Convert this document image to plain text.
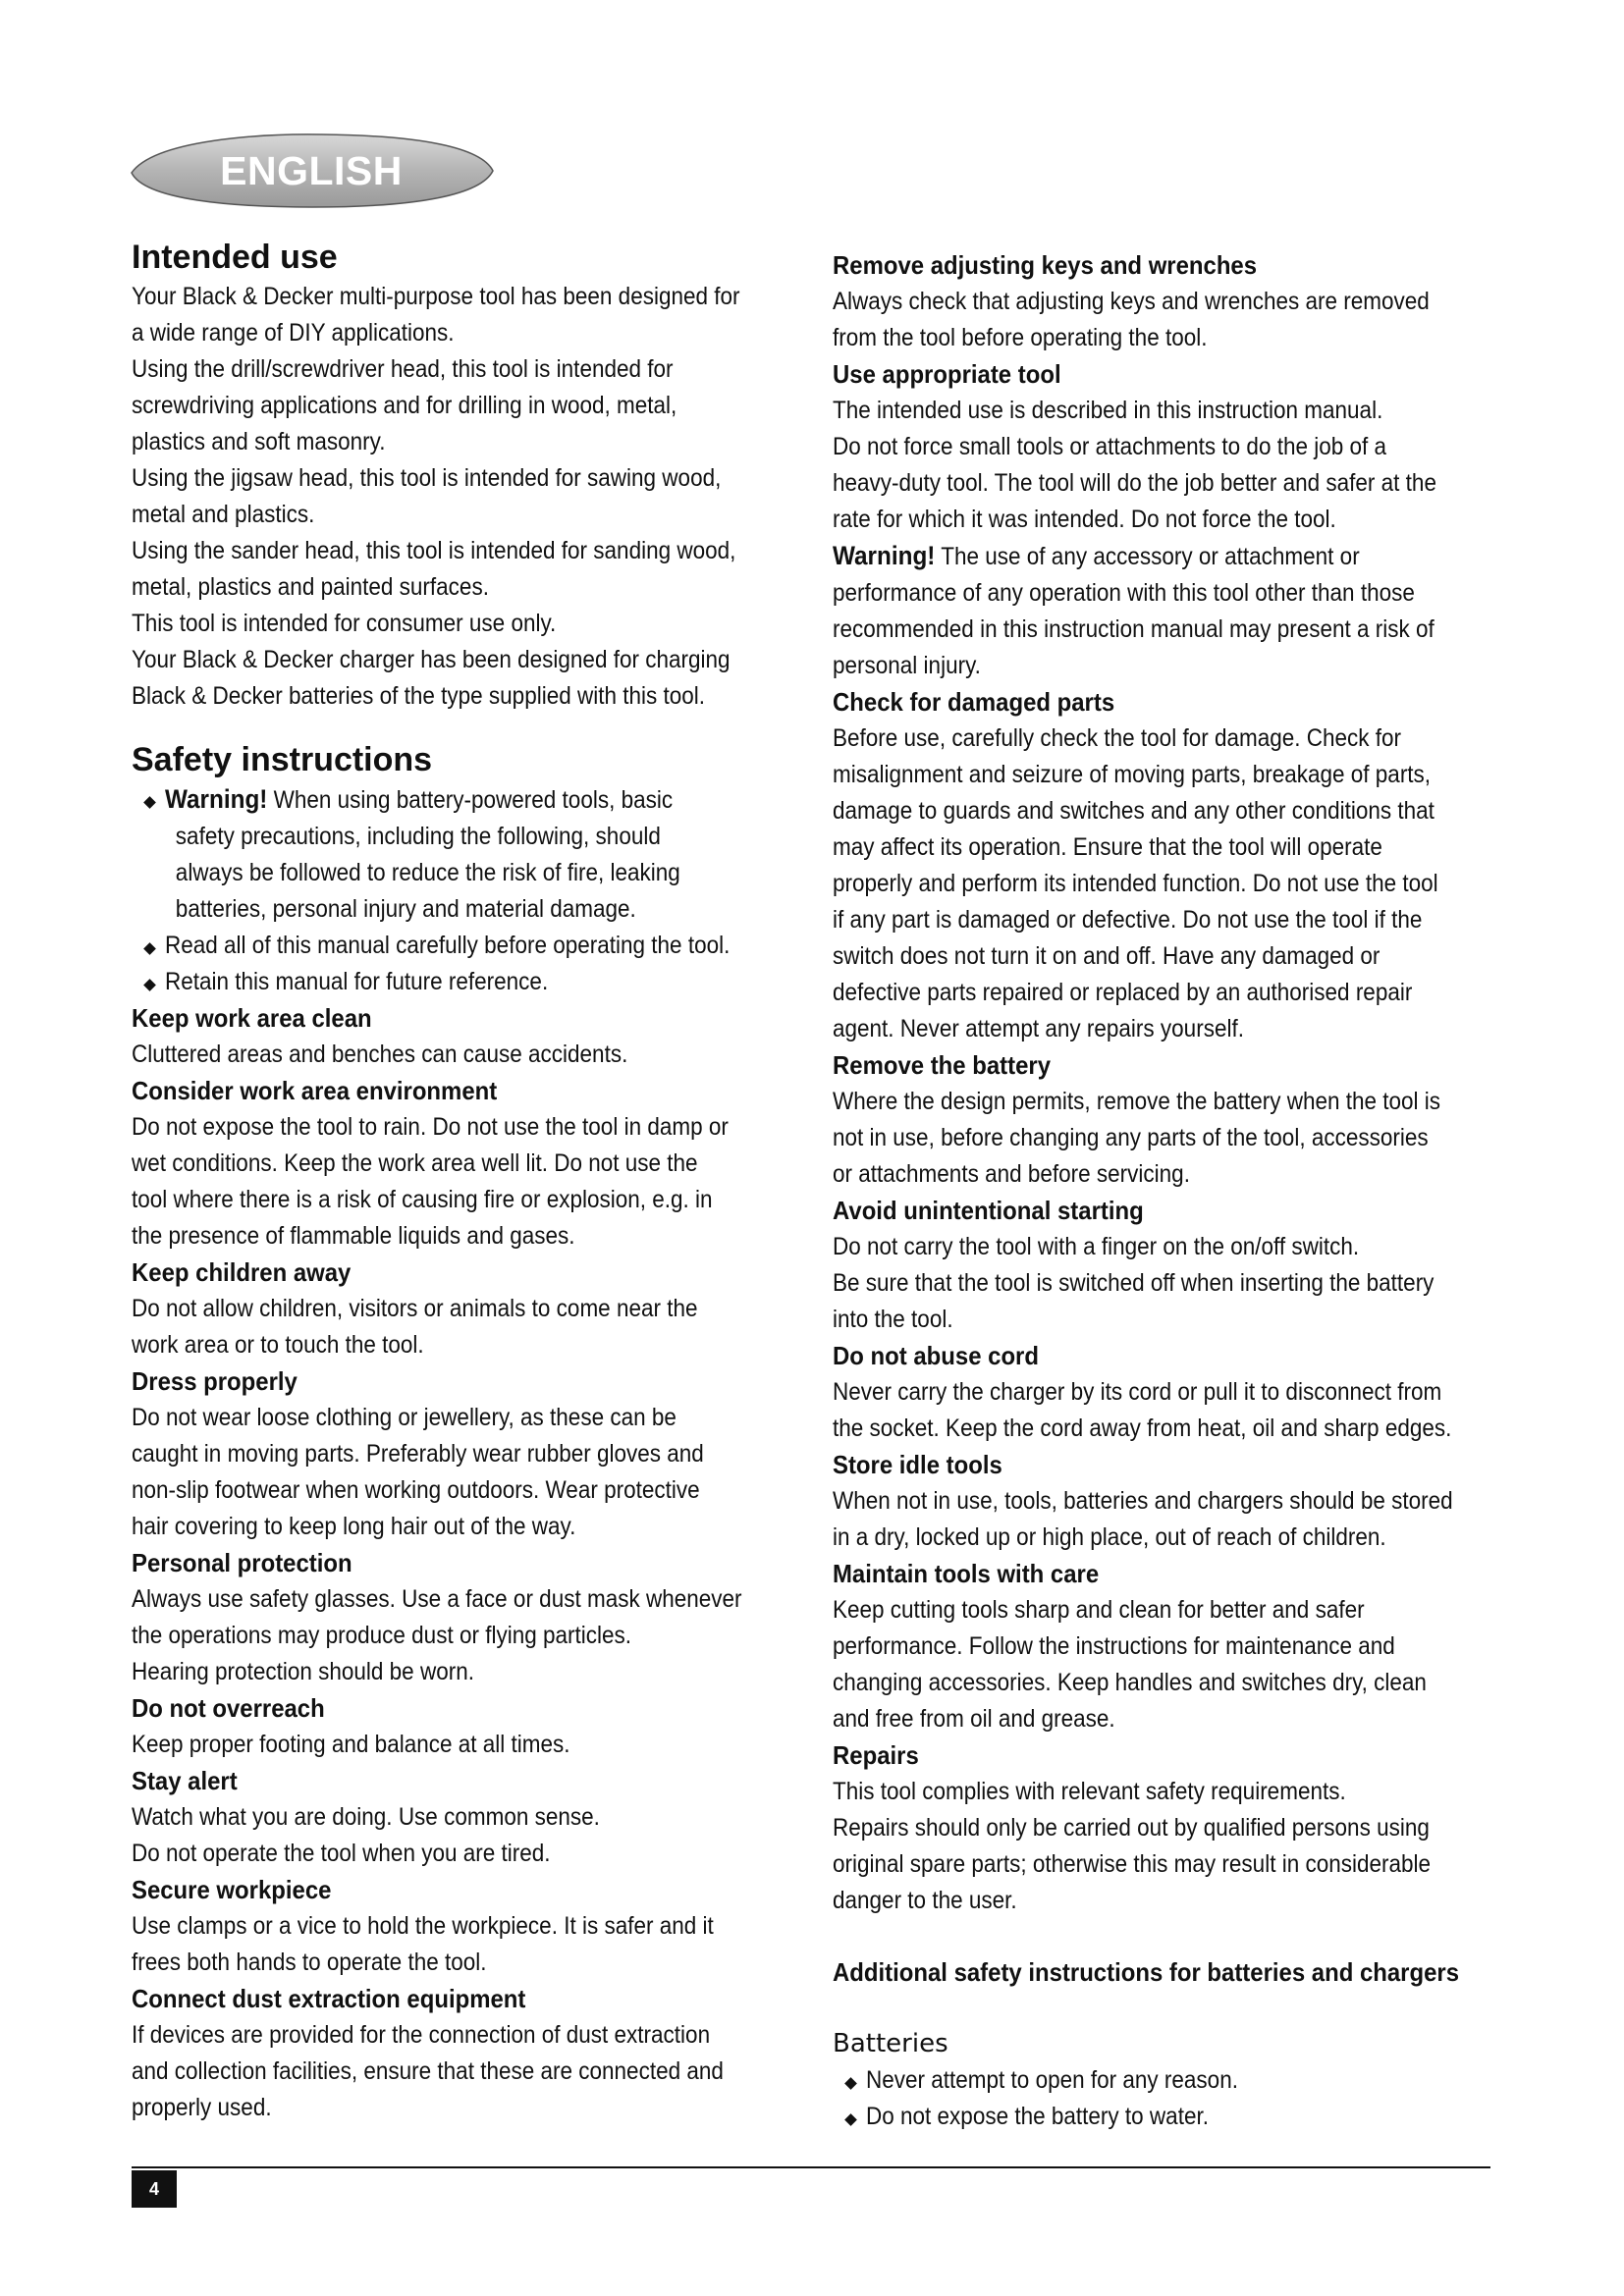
ENGLISH
Intended use
Your Black & Decker multi-purpose tool has been designed for
a wide range of DIY applications.
Using the drill/screwdriver head, this tool is intended for
screwdriving applications and for drilling in wood, metal,
plastics and soft masonry.
Using the jigsaw head, this tool is intended for sawing wood,
metal and plastics.
Using the sander head, this tool is intended for sanding wood,
metal, plastics and painted surfaces.
This tool is intended for consumer use only.
Your Black & Decker charger has been designed for charging
Black & Decker batteries of the type supplied with this tool.
Safety instructions
Warning! When using battery-powered tools, basic
safety precautions, including the following, should
always be followed to reduce the risk of fire, leaking
batteries, personal injury and material damage.
Read all of this manual carefully before operating the tool.
Retain this manual for future reference.
Keep work area clean
Cluttered areas and benches can cause accidents.
Consider work area environment
Do not expose the tool to rain. Do not use the tool in damp or
wet conditions. Keep the work area well lit. Do not use the
tool where there is a risk of causing fire or explosion, e.g. in
the presence of flammable liquids and gases.
Keep children away
Do not allow children, visitors or animals to come near the
work area or to touch the tool.
Dress properly
Do not wear loose clothing or jewellery, as these can be
caught in moving parts. Preferably wear rubber gloves and
non-slip footwear when working outdoors. Wear protective
hair covering to keep long hair out of the way.
Personal protection
Always use safety glasses. Use a face or dust mask whenever
the operations may produce dust or flying particles.
Hearing protection should be worn.
Do not overreach
Keep proper footing and balance at all times.
Stay alert
Watch what you are doing. Use common sense.
Do not operate the tool when you are tired.
Secure workpiece
Use clamps or a vice to hold the workpiece. It is safer and it
frees both hands to operate the tool.
Connect dust extraction equipment
If devices are provided for the connection of dust extraction
and collection facilities, ensure that these are connected and
properly used.
Remove adjusting keys and wrenches
Always check that adjusting keys and wrenches are removed
from the tool before operating the tool.
Use appropriate tool
The intended use is described in this instruction manual.
Do not force small tools or attachments to do the job of a
heavy-duty tool. The tool will do the job better and safer at the
rate for which it was intended. Do not force the tool.
Warning! The use of any accessory or attachment or
performance of any operation with this tool other than those
recommended in this instruction manual may present a risk of
personal injury.
Check for damaged parts
Before use, carefully check the tool for damage. Check for
misalignment and seizure of moving parts, breakage of parts,
damage to guards and switches and any other conditions that
may affect its operation. Ensure that the tool will operate
properly and perform its intended function. Do not use the tool
if any part is damaged or defective. Do not use the tool if the
switch does not turn it on and off. Have any damaged or
defective parts repaired or replaced by an authorised repair
agent. Never attempt any repairs yourself.
Remove the battery
Where the design permits, remove the battery when the tool is
not in use, before changing any parts of the tool, accessories
or attachments and before servicing.
Avoid unintentional starting
Do not carry the tool with a finger on the on/off switch.
Be sure that the tool is switched off when inserting the battery
into the tool.
Do not abuse cord
Never carry the charger by its cord or pull it to disconnect from
the socket. Keep the cord away from heat, oil and sharp edges.
Store idle tools
When not in use, tools, batteries and chargers should be stored
in a dry, locked up or high place, out of reach of children.
Maintain tools with care
Keep cutting tools sharp and clean for better and safer
performance. Follow the instructions for maintenance and
changing accessories. Keep handles and switches dry, clean
and free from oil and grease.
Repairs
This tool complies with relevant safety requirements.
Repairs should only be carried out by qualified persons using
original spare parts; otherwise this may result in considerable
danger to the user.
Additional safety instructions for batteries and chargers
Batteries
Never attempt to open for any reason.
Do not expose the battery to water.
4
